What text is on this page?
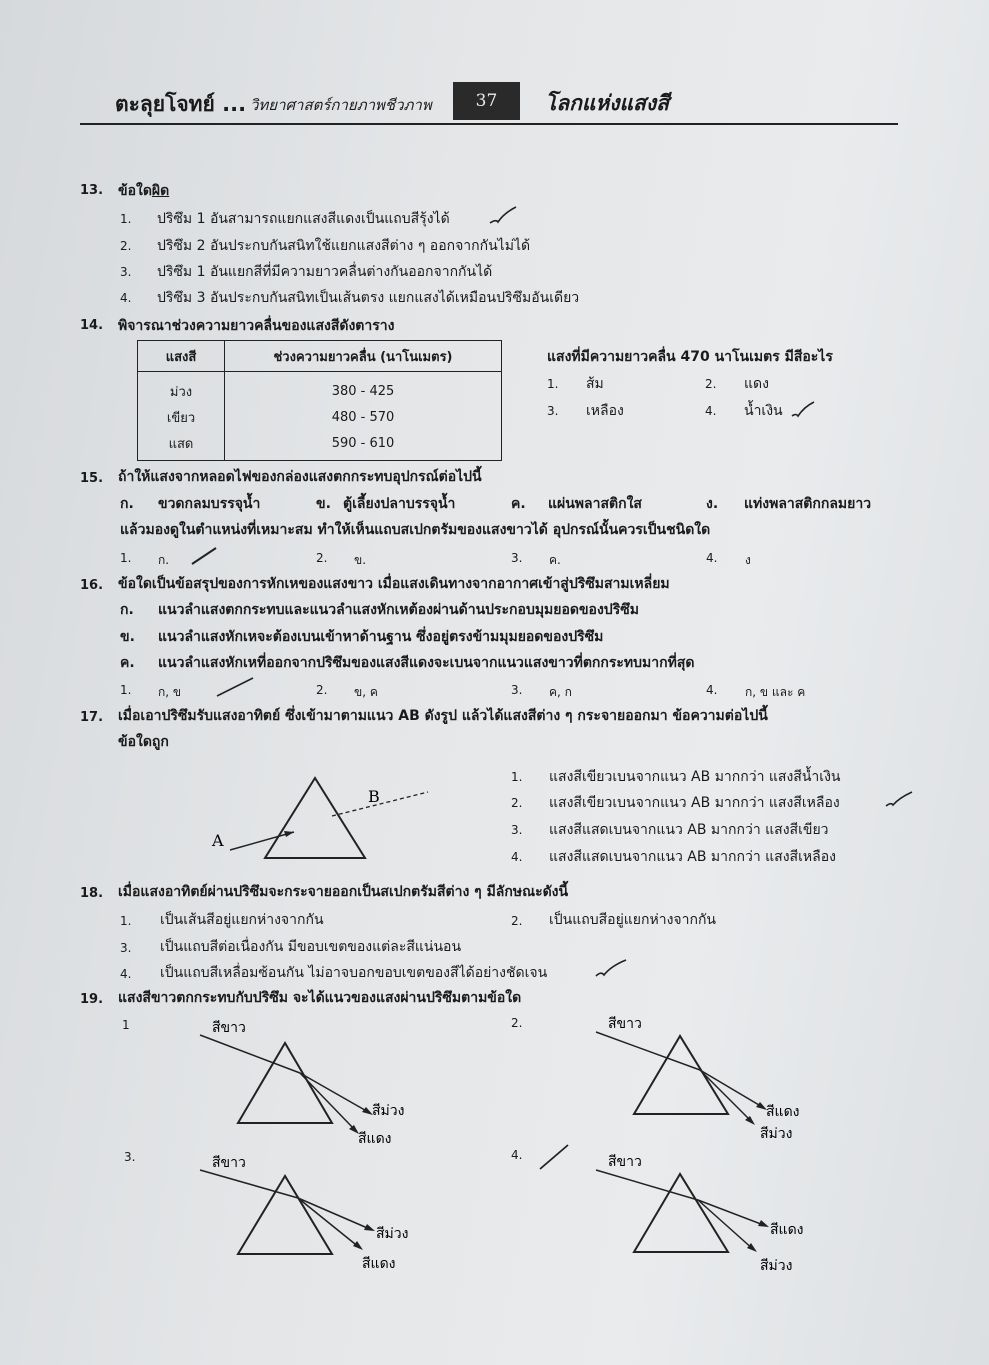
ตะลุยโจทย์ ... วิทยาศาสตร์กายภาพชีวภาพ	37	โลกแห่งแสงสี
13. ข้อใดผิด
1. ปริซึม 1 อันสามารถแยกแสงสีแดงเป็นแถบสีรุ้งได้
2. ปริซึม 2 อันประกบกันสนิทใช้แยกแสงสีต่าง ๆ ออกจากกันไม่ได้
3. ปริซึม 1 อันแยกสีที่มีความยาวคลื่นต่างกันออกจากกันได้
4. ปริซึม 3 อันประกบกันสนิทเป็นเส้นตรง แยกแสงได้เหมือนปริซึมอันเดียว
14. พิจารณาช่วงความยาวคลื่นของแสงสีดังตาราง
แสงสี	ช่วงความยาวคลื่น (นาโนเมตร)
ม่วง	380 - 425
เขียว	480 - 570
แสด	590 - 610
แสงที่มีความยาวคลื่น 470 นาโนเมตร มีสีอะไร
1. ส้ม	2. แดง
3. เหลือง	4. น้ำเงิน
15. ถ้าให้แสงจากหลอดไฟของกล่องแสงตกกระทบอุปกรณ์ต่อไปนี้
ก. ขวดกลมบรรจุน้ำ	ข. ตู้เลี้ยงปลาบรรจุน้ำ	ค. แผ่นพลาสติกใส	ง. แท่งพลาสติกกลมยาว
แล้วมองดูในตำแหน่งที่เหมาะสม ทำให้เห็นแถบสเปกตรัมของแสงขาวได้ อุปกรณ์นั้นควรเป็นชนิดใด
1. ก.	2. ข.	3. ค.	4. ง
16. ข้อใดเป็นข้อสรุปของการหักเหของแสงขาว เมื่อแสงเดินทางจากอากาศเข้าสู่ปริซึมสามเหลี่ยม
ก. แนวลำแสงตกกระทบและแนวลำแสงหักเหต้องผ่านด้านประกอบมุมยอดของปริซึม
ข. แนวลำแสงหักเหจะต้องเบนเข้าหาด้านฐาน ซึ่งอยู่ตรงข้ามมุมยอดของปริซึม
ค. แนวลำแสงหักเหที่ออกจากปริซึมของแสงสีแดงจะเบนจากแนวแสงขาวที่ตกกระทบมากที่สุด
1. ก, ข	2. ข, ค	3. ค, ก	4. ก, ข และ ค
17. เมื่อเอาปริซึมรับแสงอาทิตย์ ซึ่งเข้ามาตามแนว AB ดังรูป แล้วได้แสงสีต่าง ๆ กระจายออกมา ข้อความต่อไปนี้
ข้อใดถูก
A
B
1. แสงสีเขียวเบนจากแนว AB มากกว่า แสงสีน้ำเงิน
2. แสงสีเขียวเบนจากแนว AB มากกว่า แสงสีเหลือง
3. แสงสีแสดเบนจากแนว AB มากกว่า แสงสีเขียว
4. แสงสีแสดเบนจากแนว AB มากกว่า แสงสีเหลือง
18. เมื่อแสงอาทิตย์ผ่านปริซึมจะกระจายออกเป็นสเปกตรัมสีต่าง ๆ มีลักษณะดังนี้
1. เป็นเส้นสีอยู่แยกห่างจากกัน	2. เป็นแถบสีอยู่แยกห่างจากกัน
3. เป็นแถบสีต่อเนื่องกัน มีขอบเขตของแต่ละสีแน่นอน
4. เป็นแถบสีเหลื่อมซ้อนกัน ไม่อาจบอกขอบเขตของสีได้อย่างชัดเจน
19. แสงสีขาวตกกระทบกับปริซึม จะได้แนวของแสงผ่านปริซึมตามข้อใด
1	สีขาว
สีม่วง
สีแดง
2.	สีขาว
สีแดง
สีม่วง
3.	สีขาว
สีม่วง
สีแดง
4.	สีขาว
สีแดง
สีม่วง
